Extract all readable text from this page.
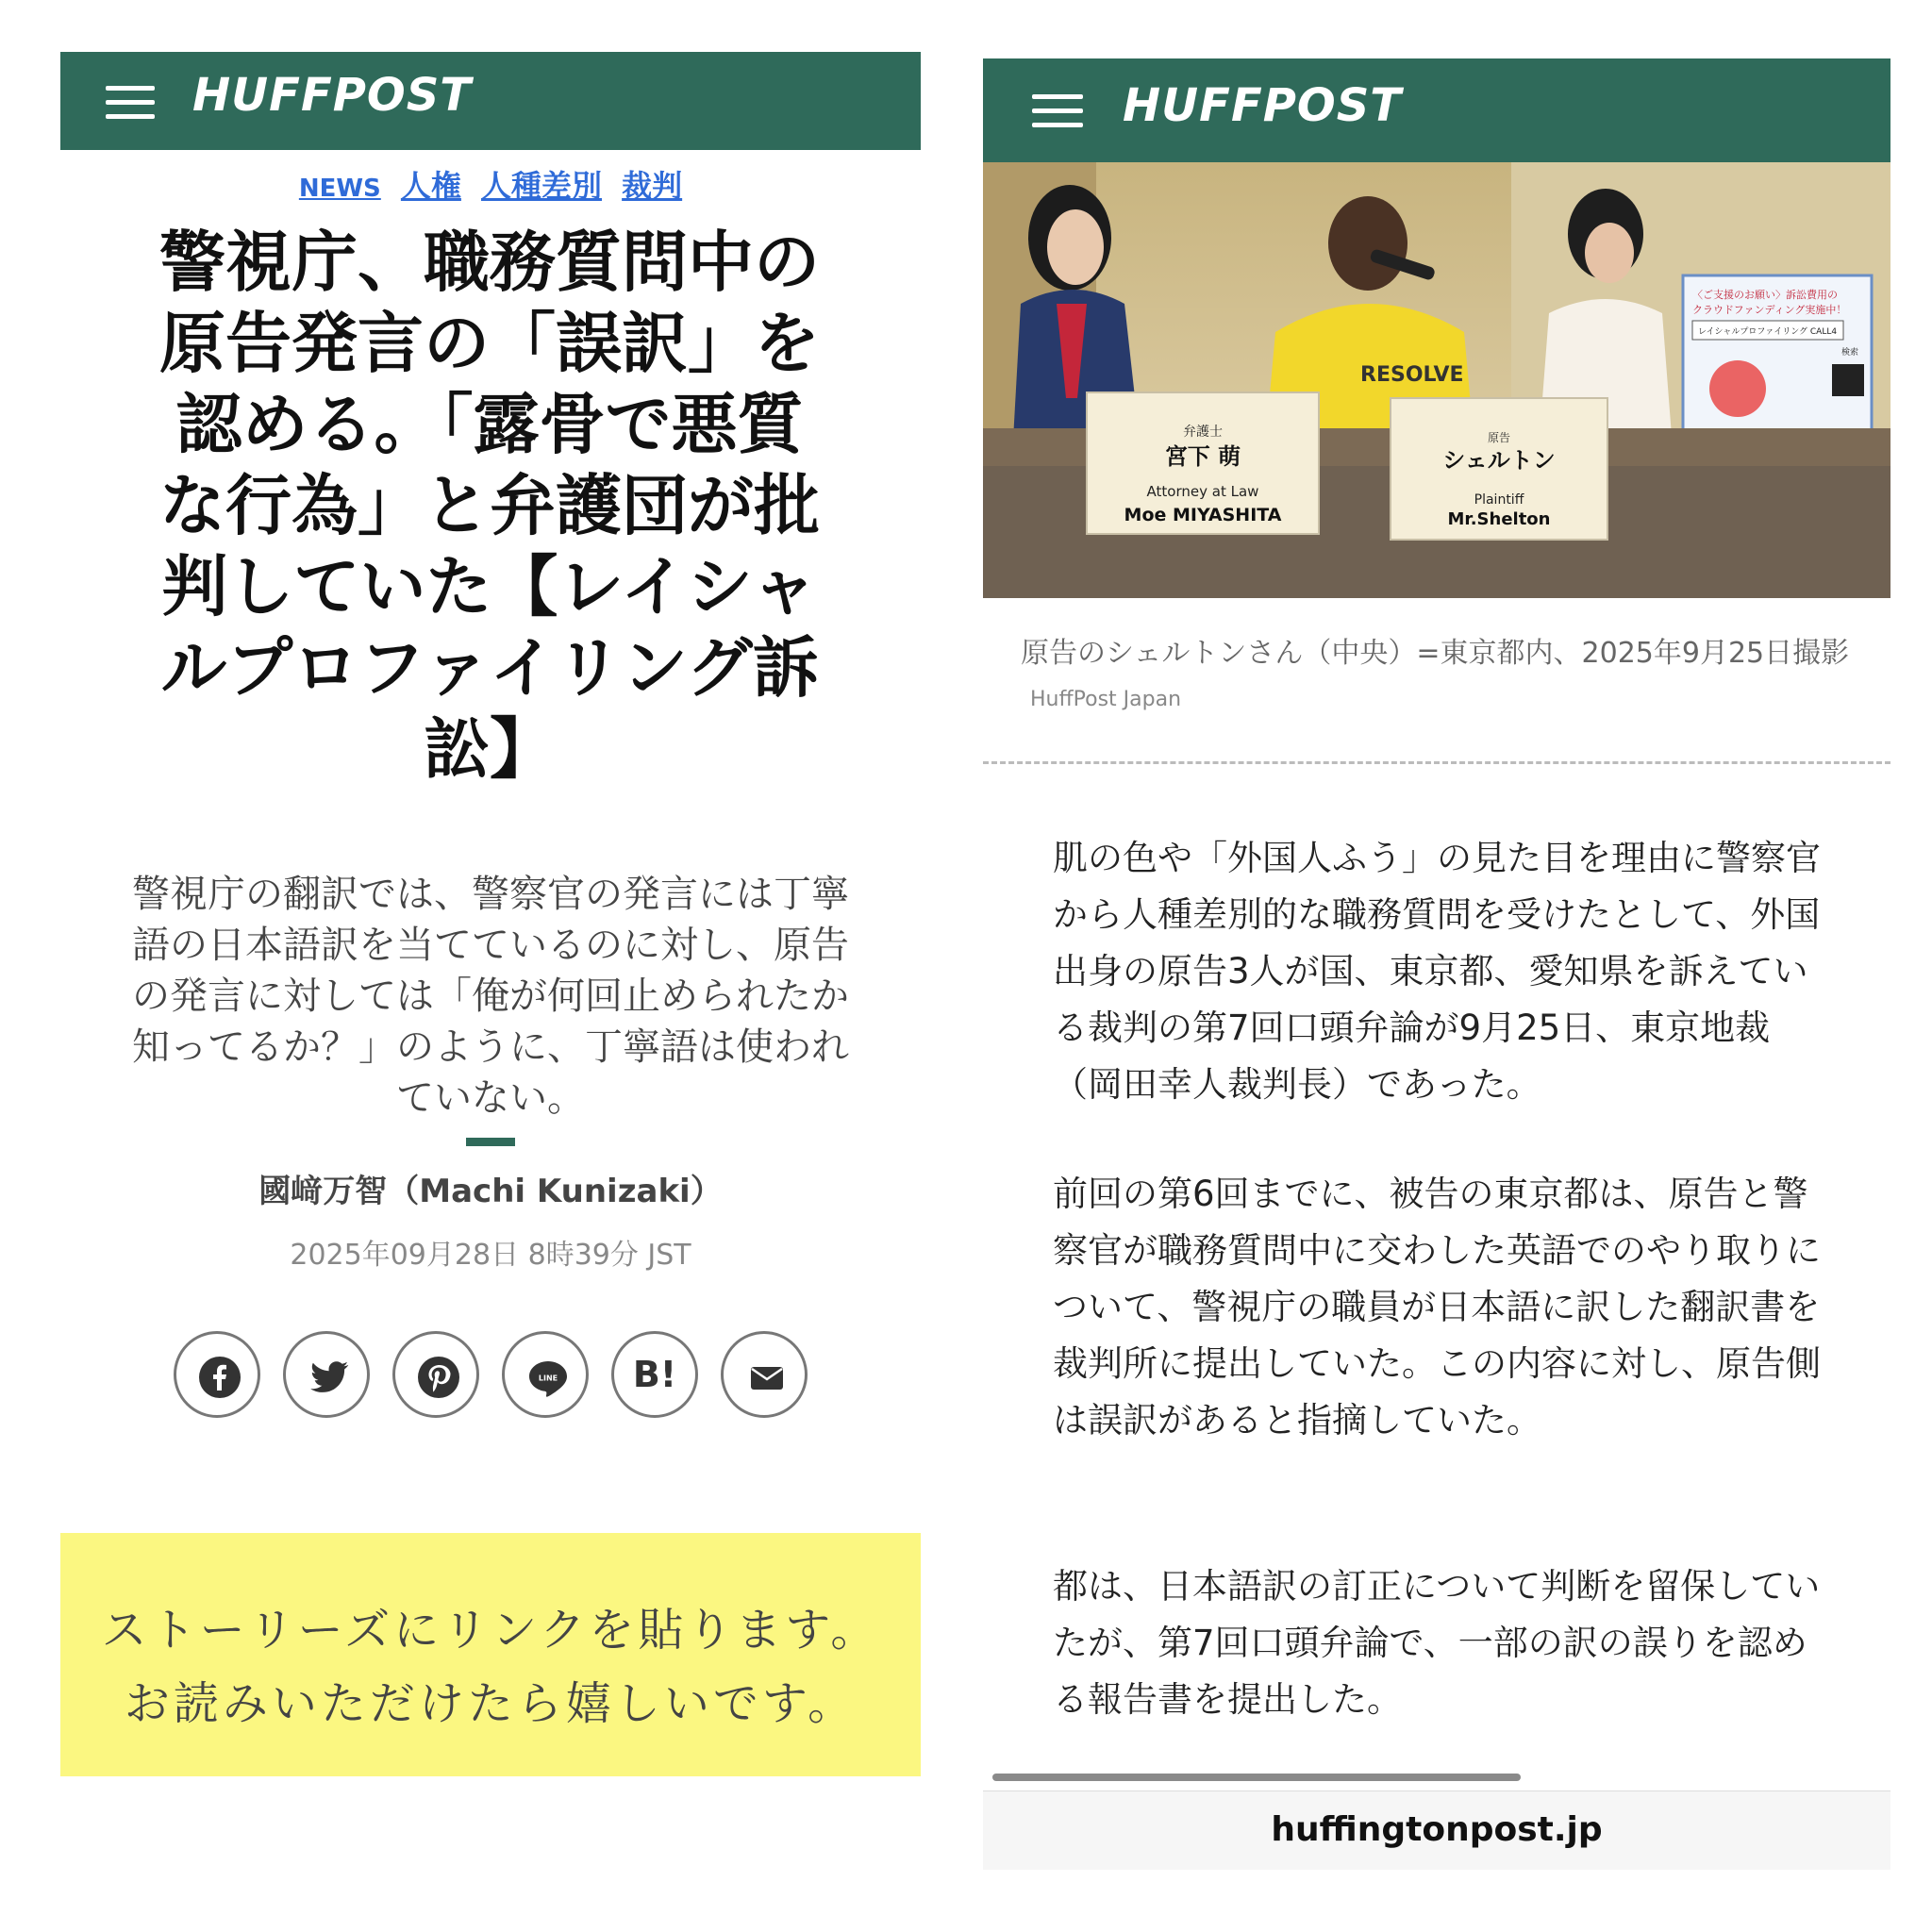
HUFFPOST
NEWS 人権 人種差別 裁判
警視庁、職務質問中の原告発言の「誤訳」を認める。「露骨で悪質な行為」と弁護団が批判していた【レイシャルプロファイリング訴訟】

警視庁の翻訳では、警察官の発言には丁寧語の日本語訳を当てているのに対し、原告の発言に対しては「俺が何回止められたか知ってるか？」のように、丁寧語は使われていない。

國﨑万智（Machi Kunizaki）
2025年09月28日 8時39分 JST
LINE	B!
ストーリーズにリンクを貼ります。
お読みいただけたら嬉しいです。
HUFFPOST
RESOLVE
〈ご支援のお願い〉訴訟費用の
クラウドファンディング実施中！
レイシャルプロファイリング CALL4
検索
弁護士
宮下 萌
Attorney at Law
Moe MIYASHITA
原告
シェルトン
Plaintiff
Mr.Shelton
原告のシェルトンさん（中央）=東京都内、2025年9月25日撮影HuffPost Japan

肌の色や「外国人ふう」の見た目を理由に警察官から人種差別的な職務質問を受けたとして、外国出身の原告3人が国、東京都、愛知県を訴えている裁判の第7回口頭弁論が9月25日、東京地裁（岡田幸人裁判長）であった。

前回の第6回までに、被告の東京都は、原告と警察官が職務質問中に交わした英語でのやり取りについて、警視庁の職員が日本語に訳した翻訳書を裁判所に提出していた。この内容に対し、原告側は誤訳があると指摘していた。

都は、日本語訳の訂正について判断を留保していたが、第7回口頭弁論で、一部の訳の誤りを認める報告書を提出した。

huffingtonpost.jp
